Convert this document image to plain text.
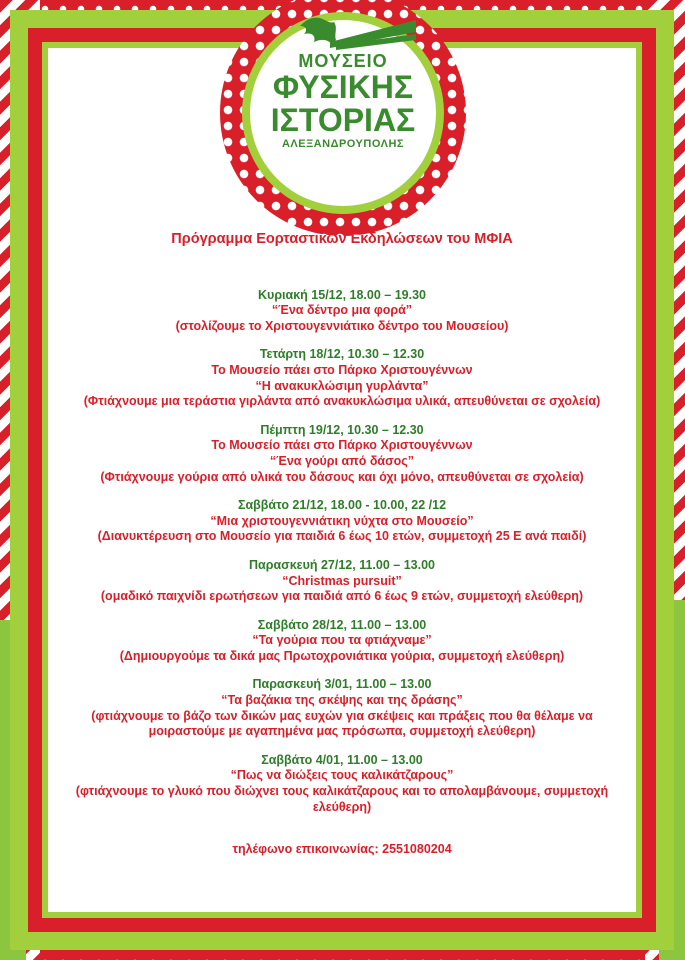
ΜΟΥΣΕΙΟ
ΦΥΣΙΚΗΣ
ΙΣΤΟΡΙΑΣ
ΑΛΕΞΑΝΔΡΟΥΠΟΛΗΣ
Πρόγραμμα Εορταστικών Εκδηλώσεων του ΜΦΙΑ
Κυριακή 15/12, 18.00 – 19.30
“Ένα δέντρο μια φορά”
(στολίζουμε το Χριστουγεννιάτικο δέντρο του Μουσείου)
Τετάρτη 18/12, 10.30 – 12.30
Το Μουσείο πάει στο Πάρκο Χριστουγέννων
“Η ανακυκλώσιμη γυρλάντα”
(Φτιάχνουμε μια τεράστια γιρλάντα από ανακυκλώσιμα υλικά, απευθύνεται σε σχολεία)
Πέμπτη 19/12, 10.30 – 12.30
Το Μουσείο πάει στο Πάρκο Χριστουγέννων
“Ένα γούρι από δάσος”
(Φτιάχνουμε γούρια από υλικά του δάσους και όχι μόνο, απευθύνεται σε σχολεία)
Σαββάτο 21/12, 18.00 - 10.00, 22 /12
“Μια χριστουγεννιάτικη νύχτα στο Μουσείο”
(Διανυκτέρευση στο Μουσείο για παιδιά 6 έως 10 ετών, συμμετοχή 25 Ε ανά παιδί)
Παρασκευή 27/12, 11.00 – 13.00
“Christmas pursuit”
(ομαδικό παιχνίδι ερωτήσεων για παιδιά από 6 έως 9 ετών, συμμετοχή ελεύθερη)
Σαββάτο 28/12, 11.00 – 13.00
“Τα γούρια που τα φτιάχναμε”
(Δημιουργούμε τα δικά μας Πρωτοχρονιάτικα γούρια, συμμετοχή ελεύθερη)
Παρασκευή 3/01, 11.00 – 13.00
“Τα βαζάκια της σκέψης και της δράσης”
(φτιάχνουμε το βάζο των δικών μας ευχών για σκέψεις και πράξεις που θα θέλαμε να
μοιραστούμε με αγαπημένα μας πρόσωπα, συμμετοχή ελεύθερη)
Σαββάτο 4/01, 11.00 – 13.00
“Πως να διώξεις τους καλικάτζαρους”
(φτιάχνουμε το γλυκό που διώχνει τους καλικάτζαρους και το απολαμβάνουμε, συμμετοχή
ελεύθερη)
τηλέφωνο επικοινωνίας: 2551080204
